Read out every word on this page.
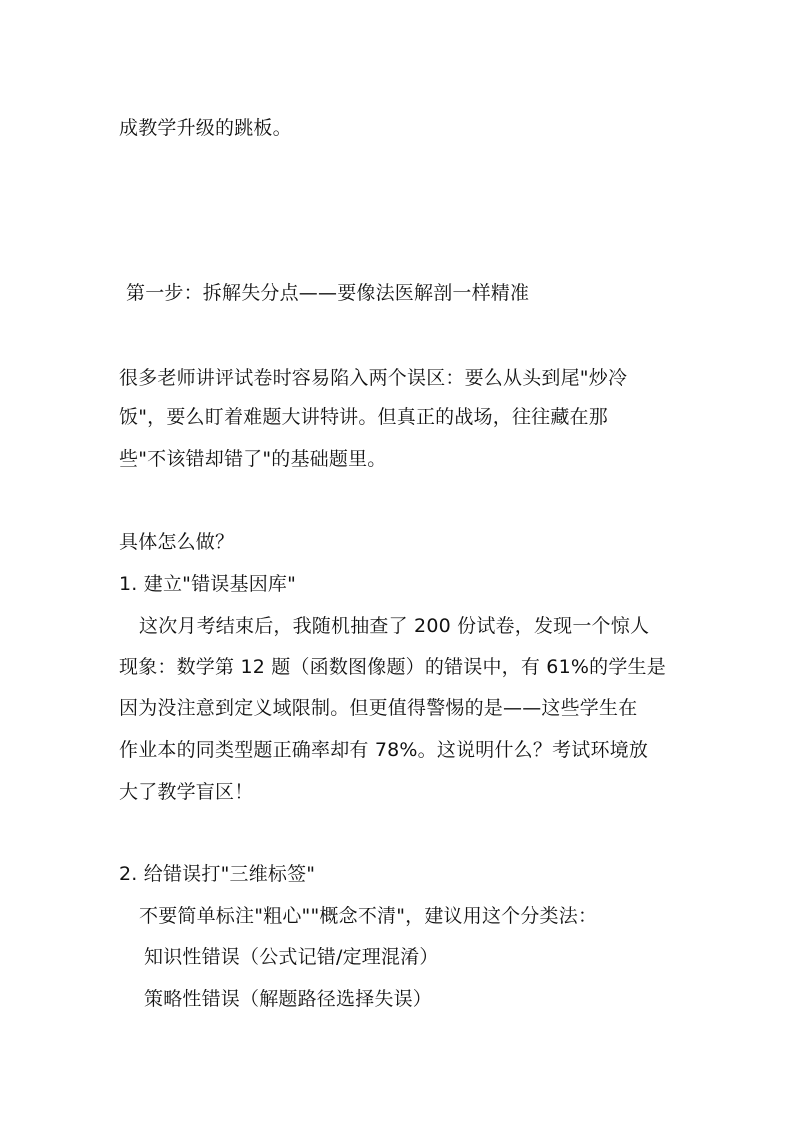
成教学升级的跳板。
第一步：拆解失分点——要像法医解剖一样精准
很多老师讲评试卷时容易陷入两个误区：要么从头到尾"炒冷
饭"，要么盯着难题大讲特讲。但真正的战场，往往藏在那
些"不该错却错了"的基础题里。
具体怎么做？
1. 建立"错误基因库"
这次月考结束后，我随机抽查了 200 份试卷，发现一个惊人
现象：数学第 12 题（函数图像题）的错误中，有 61%的学生是
因为没注意到定义域限制。但更值得警惕的是——这些学生在
作业本的同类型题正确率却有 78%。这说明什么？考试环境放
大了教学盲区！
2. 给错误打"三维标签"
不要简单标注"粗心""概念不清"，建议用这个分类法：
知识性错误（公式记错/定理混淆）
策略性错误（解题路径选择失误）
